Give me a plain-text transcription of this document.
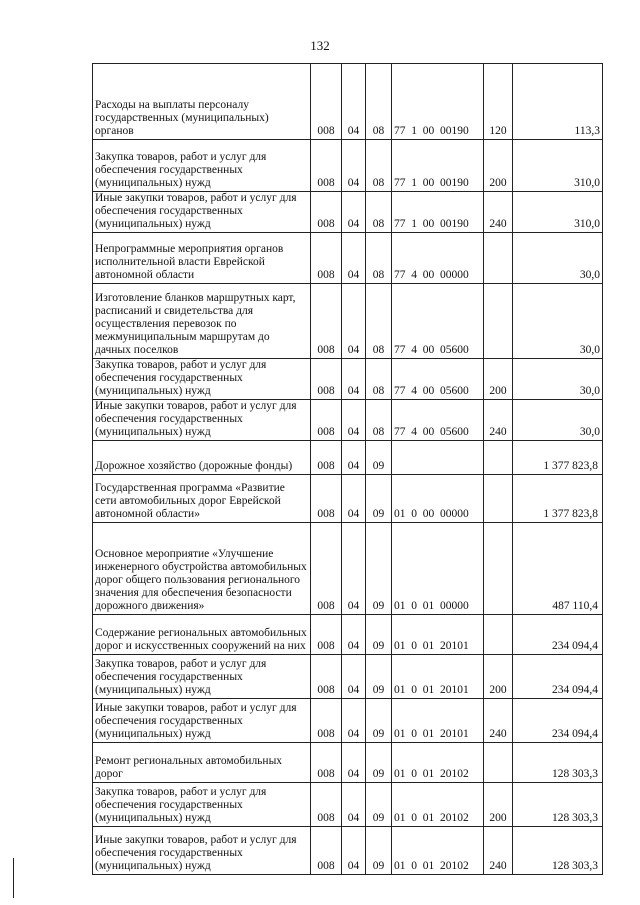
132
Расходы на выплаты персоналу государственных (муниципальных) органов	008	04	08	77  1  00  00190	120	113,3
Закупка товаров, работ и услуг для обеспечения государственных (муниципальных) нужд	008	04	08	77  1  00  00190	200	310,0
Иные закупки товаров, работ и услуг для обеспечения государственных (муниципальных) нужд	008	04	08	77  1  00  00190	240	310,0
Непрограммные мероприятия органов исполнительной власти Еврейской автономной области	008	04	08	77  4  00  00000		30,0
Изготовление бланков маршрутных карт, расписаний и свидетельства для осуществления перевозок по межмуниципальным маршрутам до дачных поселков	008	04	08	77  4  00  05600		30,0
Закупка товаров, работ и услуг для обеспечения государственных (муниципальных) нужд	008	04	08	77  4  00  05600	200	30,0
Иные закупки товаров, работ и услуг для обеспечения государственных (муниципальных) нужд	008	04	08	77  4  00  05600	240	30,0
Дорожное хозяйство (дорожные фонды)	008	04	09			1 377 823,8
Государственная программа «Развитие сети автомобильных дорог Еврейской автономной области»	008	04	09	01  0  00  00000		1 377 823,8
Основное мероприятие «Улучшение инженерного обустройства автомобильных дорог общего пользования регионального значения для обеспечения безопасности дорожного движения»	008	04	09	01  0  01  00000		487 110,4
Содержание региональных автомобильных дорог и искусственных сооружений на них	008	04	09	01  0  01  20101		234 094,4
Закупка товаров, работ и услуг для обеспечения государственных (муниципальных) нужд	008	04	09	01  0  01  20101	200	234 094,4
Иные закупки товаров, работ и услуг для обеспечения государственных (муниципальных) нужд	008	04	09	01  0  01  20101	240	234 094,4
Ремонт региональных автомобильных дорог	008	04	09	01  0  01  20102		128 303,3
Закупка товаров, работ и услуг для обеспечения государственных (муниципальных) нужд	008	04	09	01  0  01  20102	200	128 303,3
Иные закупки товаров, работ и услуг для обеспечения государственных (муниципальных) нужд	008	04	09	01  0  01  20102	240	128 303,3
